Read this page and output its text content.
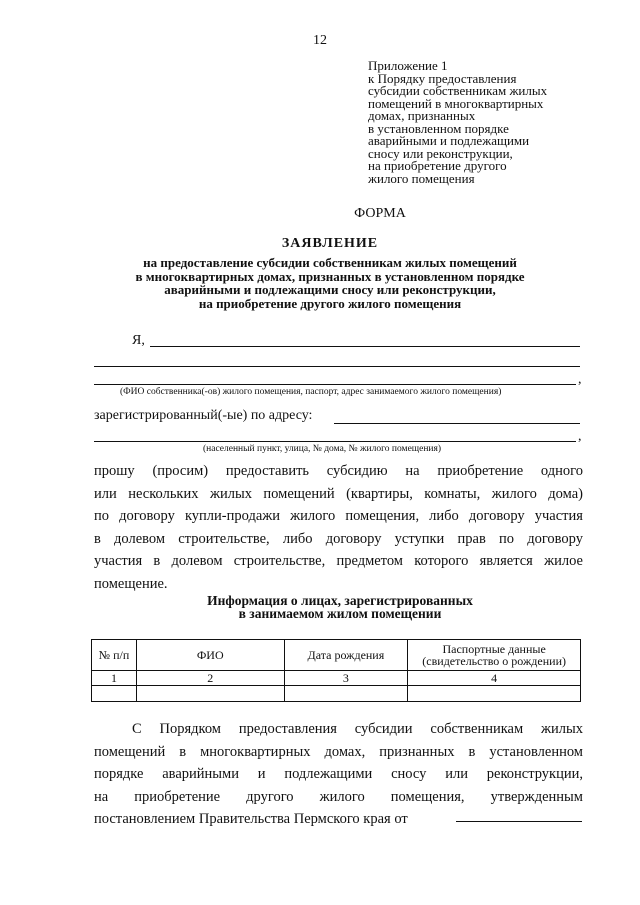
12
Приложение 1
к Порядку предоставления
субсидии собственникам жилых
помещений в многоквартирных
домах, признанных
в установленном порядке
аварийными и подлежащими
сносу или реконструкции,
на приобретение другого
жилого помещения
ФОРМА
ЗАЯВЛЕНИЕ
на предоставление субсидии собственникам жилых помещений
в многоквартирных домах, признанных в установленном порядке
аварийными и подлежащими сносу или реконструкции,
на приобретение другого жилого помещения
Я,
,
(ФИО собственника(-ов) жилого помещения, паспорт, адрес занимаемого жилого помещения)
зарегистрированный(-ые) по адресу:
,
(населенный пункт, улица, № дома, № жилого помещения)
прошу (просим) предоставить субсидию на приобретение одного
или нескольких жилых помещений (квартиры, комнаты, жилого дома)
по договору купли-продажи жилого помещения, либо договору участия
в долевом строительстве, либо договору уступки прав по договору
участия в долевом строительстве, предметом которого является жилое
помещение.
Информация о лицах, зарегистрированных
в занимаемом жилом помещении
№ п/п	ФИО	Дата рождения	Паспортные данные (свидетельство о рождении)
1	2	3	4

С Порядком предоставления субсидии собственникам жилых
помещений в многоквартирных домах, признанных в установленном
порядке аварийными и подлежащими сносу или реконструкции,
на приобретение другого жилого помещения, утвержденным
постановлением Правительства Пермского края от
